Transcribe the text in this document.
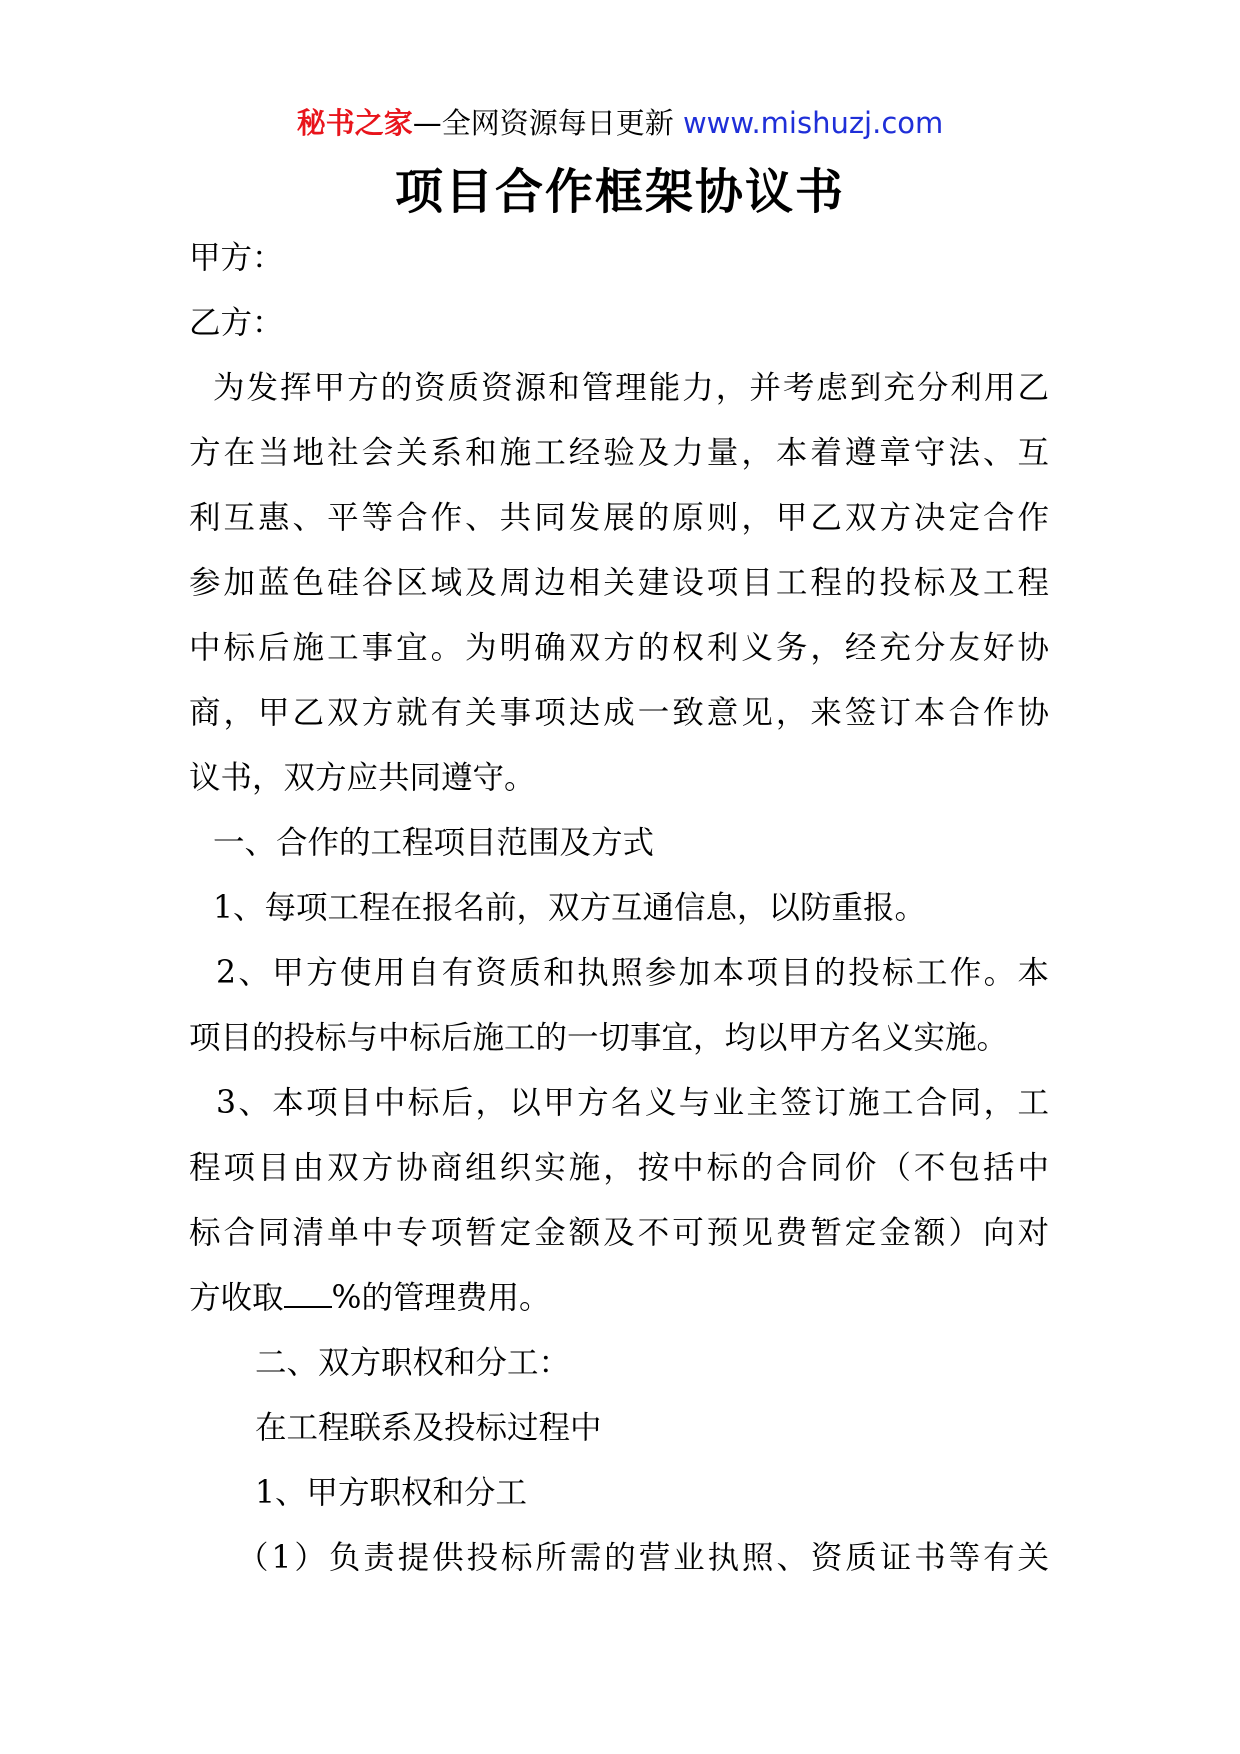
秘书之家—全网资源每日更新 www.mishuzj.com
项目合作框架协议书
甲方：
乙方：
为发挥甲方的资质资源和管理能力，并考虑到充分利用乙
方在当地社会关系和施工经验及力量，本着遵章守法、互
利互惠、平等合作、共同发展的原则，甲乙双方决定合作
参加蓝色硅谷区域及周边相关建设项目工程的投标及工程
中标后施工事宜。为明确双方的权利义务，经充分友好协
商，甲乙双方就有关事项达成一致意见，来签订本合作协
议书，双方应共同遵守。
一、合作的工程项目范围及方式
1、每项工程在报名前，双方互通信息，以防重报。
2、甲方使用自有资质和执照参加本项目的投标工作。本
项目的投标与中标后施工的一切事宜，均以甲方名义实施。
3、本项目中标后，以甲方名义与业主签订施工合同，工
程项目由双方协商组织实施，按中标的合同价（不包括中
标合同清单中专项暂定金额及不可预见费暂定金额）向对
方收取 %的管理费用。
二、双方职权和分工：
在工程联系及投标过程中
1、甲方职权和分工
（1）负责提供投标所需的营业执照、资质证书等有关
